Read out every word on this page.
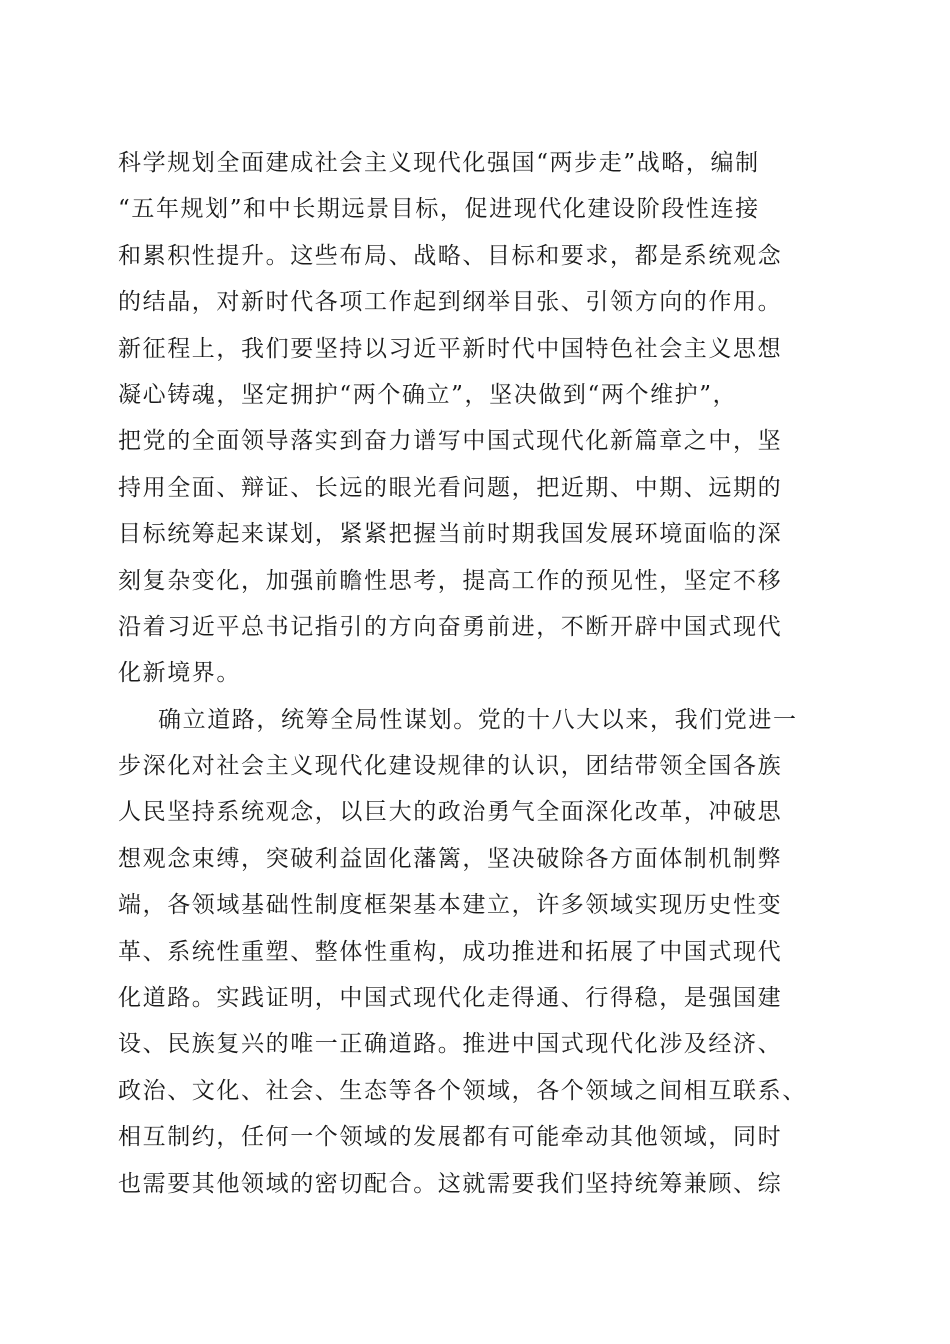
科学规划全面建成社会主义现代化强国“两步走”战略，编制
“五年规划”和中长期远景目标，促进现代化建设阶段性连接
和累积性提升。这些布局、战略、目标和要求，都是系统观念
的结晶，对新时代各项工作起到纲举目张、引领方向的作用。
新征程上，我们要坚持以习近平新时代中国特色社会主义思想
凝心铸魂，坚定拥护“两个确立”，坚决做到“两个维护”，
把党的全面领导落实到奋力谱写中国式现代化新篇章之中，坚
持用全面、辩证、长远的眼光看问题，把近期、中期、远期的
目标统筹起来谋划，紧紧把握当前时期我国发展环境面临的深
刻复杂变化，加强前瞻性思考，提高工作的预见性，坚定不移
沿着习近平总书记指引的方向奋勇前进，不断开辟中国式现代
化新境界。
确立道路，统筹全局性谋划。党的十八大以来，我们党进一
步深化对社会主义现代化建设规律的认识，团结带领全国各族
人民坚持系统观念，以巨大的政治勇气全面深化改革，冲破思
想观念束缚，突破利益固化藩篱，坚决破除各方面体制机制弊
端，各领域基础性制度框架基本建立，许多领域实现历史性变
革、系统性重塑、整体性重构，成功推进和拓展了中国式现代
化道路。实践证明，中国式现代化走得通、行得稳，是强国建
设、民族复兴的唯一正确道路。推进中国式现代化涉及经济、
政治、文化、社会、生态等各个领域，各个领域之间相互联系、
相互制约，任何一个领域的发展都有可能牵动其他领域，同时
也需要其他领域的密切配合。这就需要我们坚持统筹兼顾、综
